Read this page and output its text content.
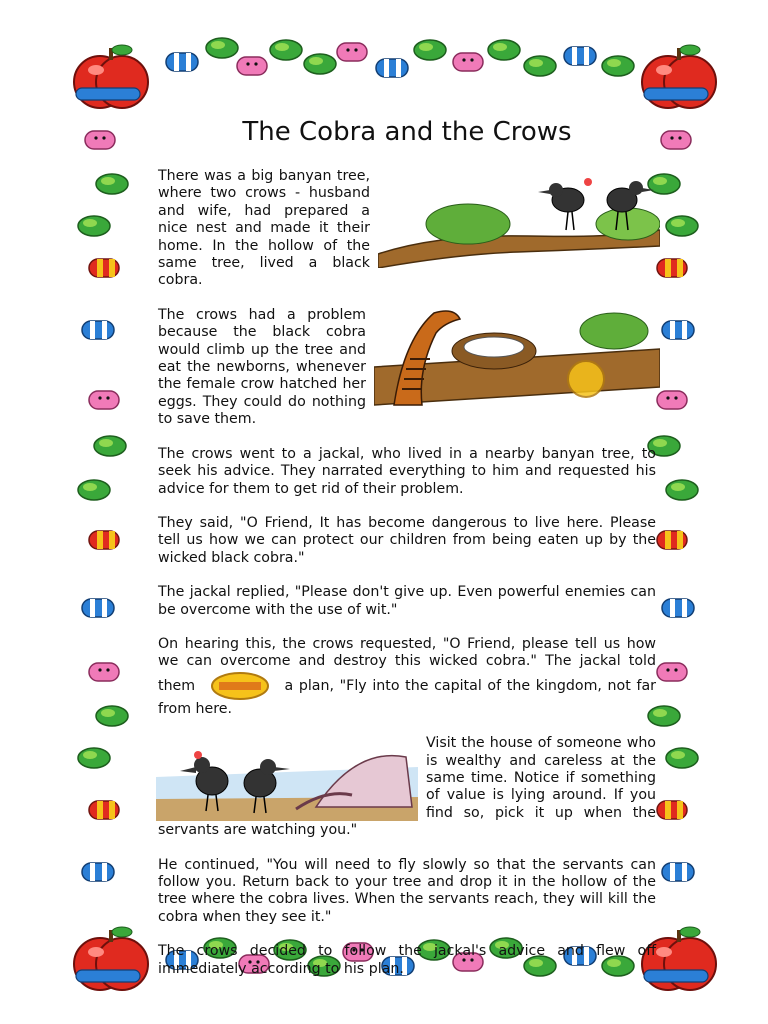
The Cobra and the Crows

There was a big banyan tree, where two crows - husband and wife, had prepared a nice nest and made it their home. In the hollow of the same tree, lived a black cobra.

The crows had a problem because the black cobra would climb up the tree and eat the newborns, whenever the female crow hatched her eggs. They could do nothing to save them.

The crows went to a jackal, who lived in a nearby banyan tree, to seek his advice. They narrated everything to him and requested his advice for them to get rid of their problem.

They said, "O Friend, It has become dangerous to live here. Please tell us how we can protect our children from being eaten up by the wicked black cobra."

The jackal replied, "Please don't give up. Even powerful enemies can be overcome with the use of wit."

On hearing this, the crows requested, "O Friend, please tell us how we can overcome and destroy this wicked cobra." The jackal told them	a plan, "Fly into the capital of the kingdom, not far from here.

Visit the house of someone who is wealthy and careless at the same time. Notice if something of value is lying around. If you find so, pick it up when the servants are watching you."

He continued, "You will need to fly slowly so that the servants can follow you. Return back to your tree and drop it in the hollow of the tree where the cobra lives. When the servants reach, they will kill the cobra when they see it."

The crows decided to follow the jackal's advice and flew off immediately according to his plan.
